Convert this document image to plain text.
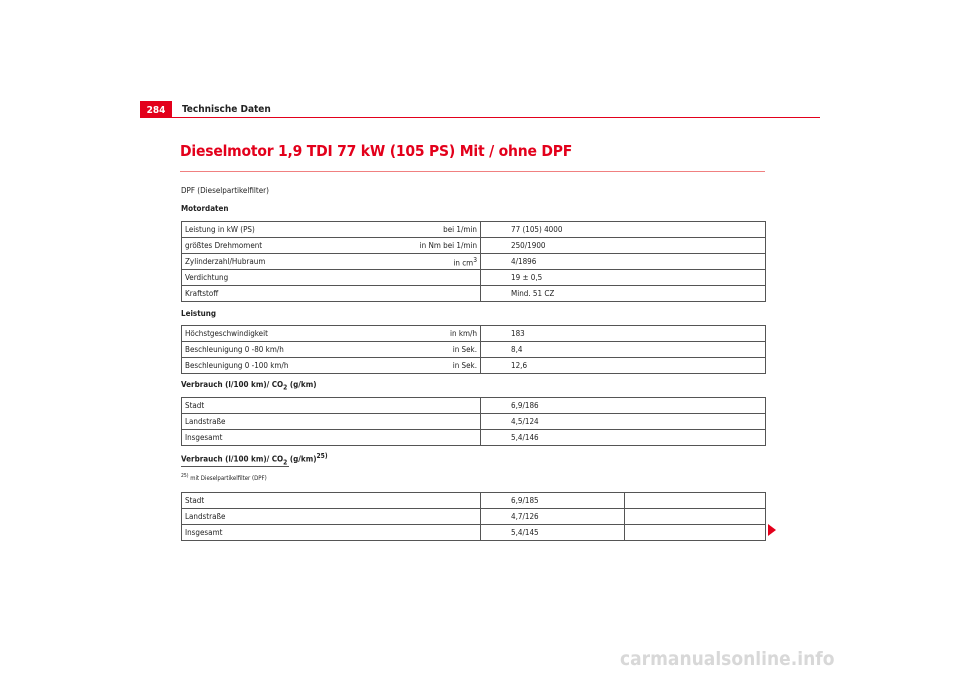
284	Technische Daten
Dieselmotor 1,9 TDI 77 kW (105 PS) Mit / ohne DPF
DPF (Dieselpartikelfilter)
Motordaten
Leistung in kW (PS)	bei 1/min	77 (105) 4000
größtes Drehmoment	in Nm bei 1/min	250/1900
Zylinderzahl/Hubraum	in $cm^3$	4/1896
Verdichtung		19 ± 0,5
Kraftstoff		Mind. 51 CZ
Leistung
Höchstgeschwindigkeit	in km/h	183
Beschleunigung 0 -80 km/h	in Sek.	8,4
Beschleunigung 0 -100 km/h	in Sek.	12,6
Verbrauch (l/100 km)/ $CO_2$ (g/km)
Stadt	6,9/186
Landstraße	4,5/124
Insgesamt	5,4/146
Verbrauch (l/100 km)/ $CO_2$ $(g/km)^{25)}$
$^{25)}$ mit Dieselpartikelfilter (DPF)
Stadt	6,9/185	
Landstraße	4,7/126	
Insgesamt	5,4/145	
carmanualsonline.info
